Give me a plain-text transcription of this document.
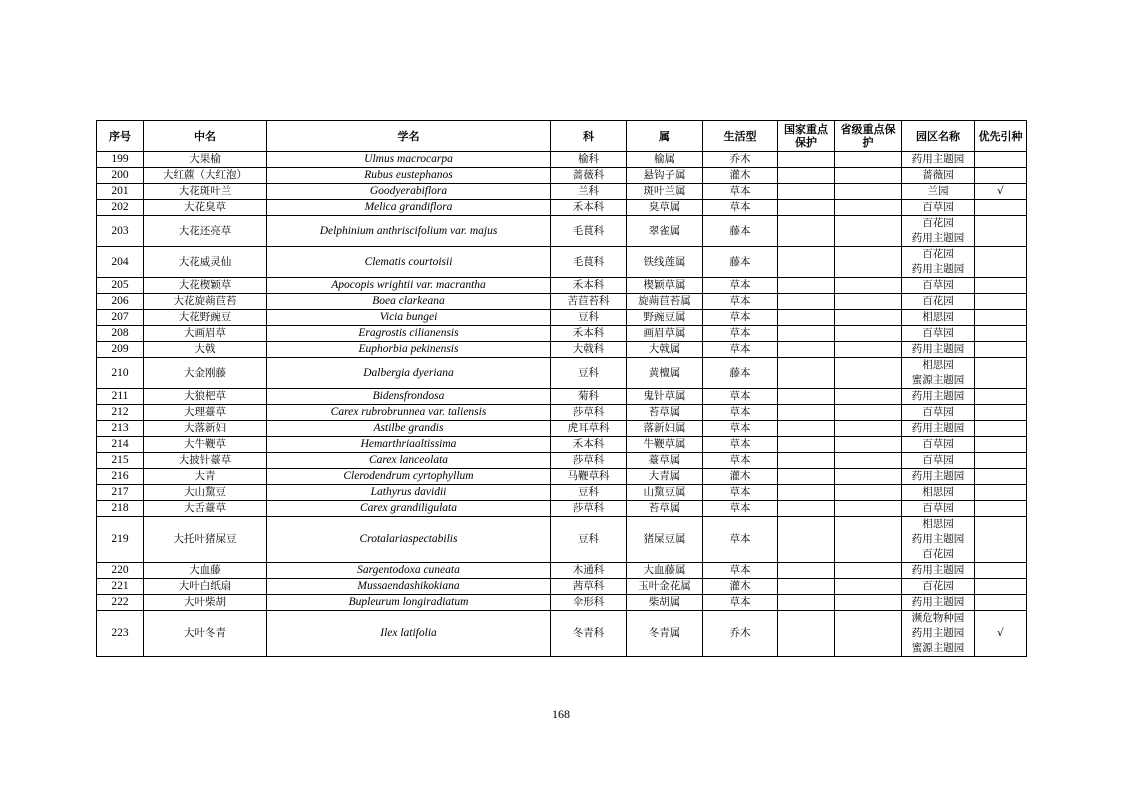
序号	中名	学名	科	属	生活型	国家重点保护	省级重点保护	园区名称	优先引种
199	大果榆	Ulmus macrocarpa	榆科	榆属	乔木			药用主题园	

200	大红藨（大红泡）	Rubus eustephanos	蔷薇科	悬钩子属	灌木			蔷薇园	

201	大花斑叶兰	Goodyerabiflora	兰科	斑叶兰属	草本			兰园	√
202	大花臭草	Melica grandiflora	禾本科	臭草属	草本			百草园	

203	大花还亮草	Delphinium anthriscifolium var. majus	毛茛科	翠雀属	藤本			百花园
药用主题园	

204	大花威灵仙	Clematis courtoisii	毛茛科	铁线莲属	藤本			百花园
药用主题园	

205	大花楔颖草	Apocopis wrightii var. macrantha	禾本科	楔颖草属	草本			百草园	

206	大花旋蒴苣苔	Boea clarkeana	苦苣苔科	旋蒴苣苔属	草本			百花园	

207	大花野豌豆	Vicia bungei	豆科	野豌豆属	草本			相思园	

208	大画眉草	Eragrostis cilianensis	禾本科	画眉草属	草本			百草园	

209	大戟	Euphorbia pekinensis	大戟科	大戟属	草本			药用主题园	

210	大金刚藤	Dalbergia dyeriana	豆科	黄檀属	藤本			相思园
蜜源主题园	

211	大狼杷草	Bidensfrondosa	菊科	鬼针草属	草本			药用主题园	

212	大理薹草	Carex rubrobrunnea var. taliensis	莎草科	苔草属	草本			百草园	

213	大落新妇	Astilbe grandis	虎耳草科	落新妇属	草本			药用主题园	

214	大牛鞭草	Hemarthriaaltissima	禾本科	牛鞭草属	草本			百草园	

215	大披针薹草	Carex lanceolata	莎草科	薹草属	草本			百草园	

216	大青	Clerodendrum cyrtophyllum	马鞭草科	大青属	灌木			药用主题园	

217	大山黧豆	Lathyrus davidii	豆科	山黧豆属	草本			相思园	

218	大舌薹草	Carex grandiligulata	莎草科	苔草属	草本			百草园	

219	大托叶猪屎豆	Crotalariaspectabilis	豆科	猪屎豆属	草本			相思园
药用主题园
百花园	

220	大血藤	Sargentodoxa cuneata	木通科	大血藤属	草本			药用主题园	

221	大叶白纸扇	Mussaendashikokiana	茜草科	玉叶金花属	灌木			百花园	

222	大叶柴胡	Bupleurum longiradiatum	伞形科	柴胡属	草本			药用主题园	

223	大叶冬青	Ilex latifolia	冬青科	冬青属	乔木			濒危物种园
药用主题园
蜜源主题园	√
168
